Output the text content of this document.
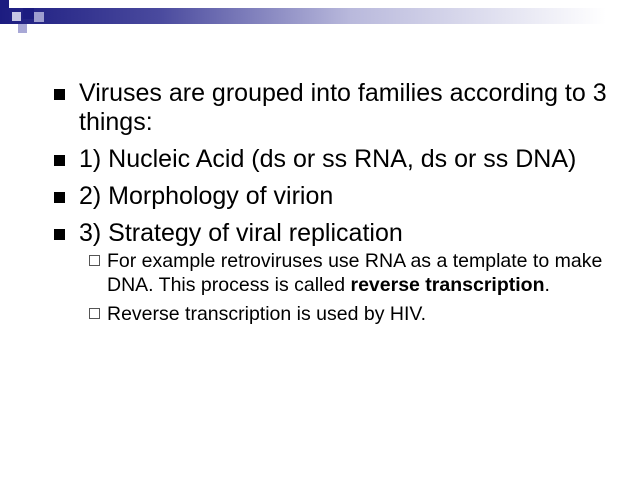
Viruses are grouped into families according to 3 things:
1) Nucleic Acid (ds or ss RNA, ds or ss DNA)
2) Morphology of virion
3) Strategy of viral replication
For example retroviruses use RNA as a template to make DNA. This process is called reverse transcription.
Reverse transcription is used by HIV.
